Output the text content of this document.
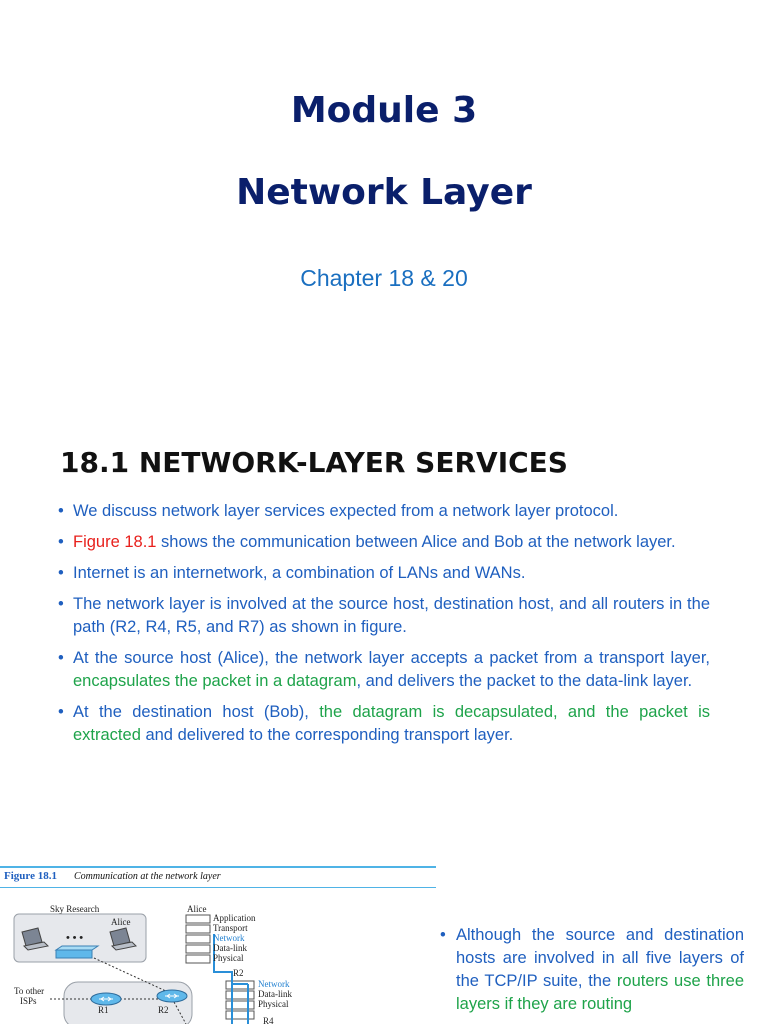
Module 3
Network Layer

Chapter 18 & 20

18.1 NETWORK-LAYER SERVICES
• We discuss network layer services expected from a network layer protocol.
• Figure 18.1 shows the communication between Alice and Bob at the network layer.
• Internet is an internetwork, a combination of LANs and WANs.
• The network layer is involved at the source host, destination host, and all routers in the path (R2, R4, R5, and R7) as shown in figure.
• At the source host (Alice), the network layer accepts a packet from a transport layer, encapsulates the packet in a datagram, and delivers the packet to the data-link layer.
• At the destination host (Bob), the datagram is decapsulated, and the packet is extracted and delivered to the corresponding transport layer.
Figure 18.1 Communication at the network layer
Sky Research
Alice
• • •
To other
ISPs
R1	R2
Alice
Application
Transport
Network
Data-link
Physical
R2
Network
Data-link
Physical
R4
• Although the source and destination hosts are involved in all five layers of the TCP/IP suite, the routers use three layers if they are routing
